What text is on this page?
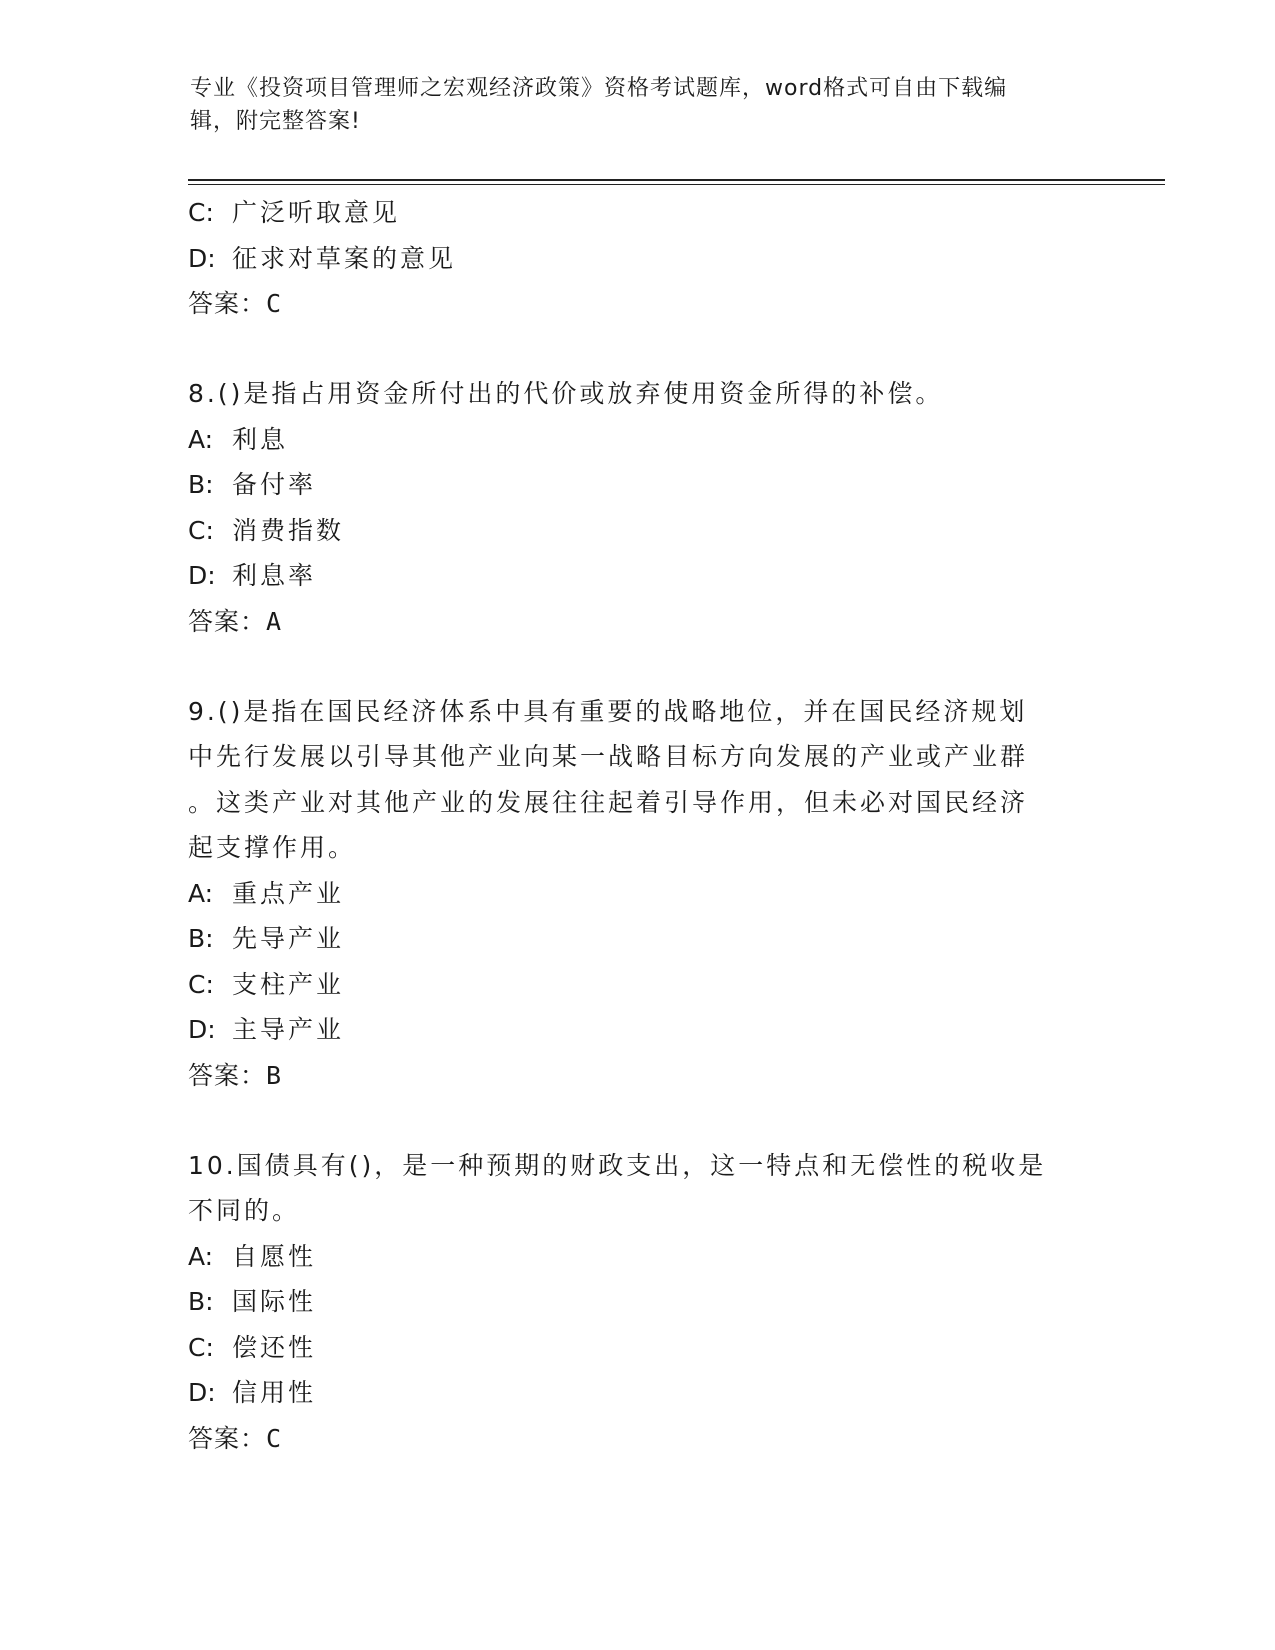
专业《投资项目管理师之宏观经济政策》资格考试题库，word格式可自由下载编
辑，附完整答案!
C: 广泛听取意见
D: 征求对草案的意见
答案：C
8.()是指占用资金所付出的代价或放弃使用资金所得的补偿。
A: 利息
B: 备付率
C: 消费指数
D: 利息率
答案：A
9.()是指在国民经济体系中具有重要的战略地位，并在国民经济规划
中先行发展以引导其他产业向某一战略目标方向发展的产业或产业群
。这类产业对其他产业的发展往往起着引导作用，但未必对国民经济
起支撑作用。
A: 重点产业
B: 先导产业
C: 支柱产业
D: 主导产业
答案：B
10.国债具有()，是一种预期的财政支出，这一特点和无偿性的税收是
不同的。
A: 自愿性
B: 国际性
C: 偿还性
D: 信用性
答案：C
